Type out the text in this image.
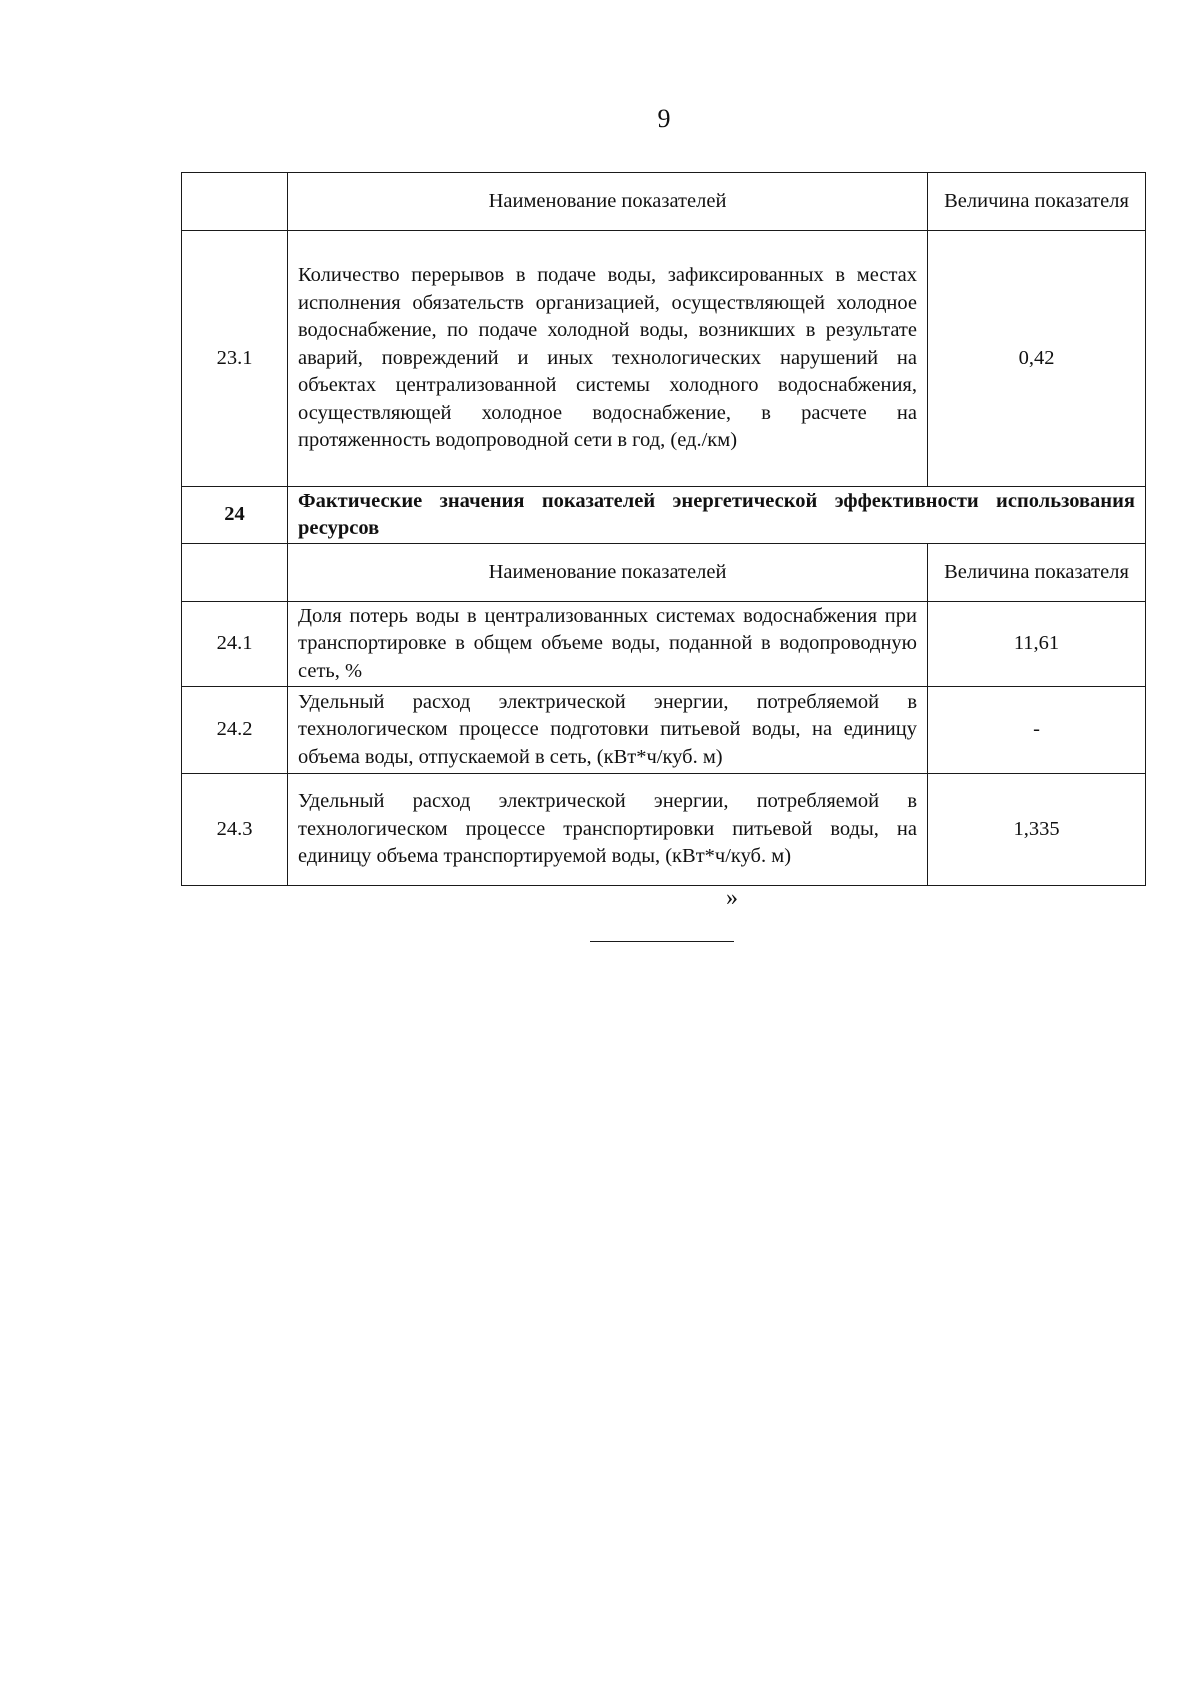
9
	Наименование показателей	Величина показателя
23.1	Количество перерывов в подаче воды, зафиксированных в местах исполнения обязательств организацией, осуществляющей холодное водоснабжение, по подаче холодной воды, возникших в результате аварий, повреждений и иных технологических нарушений на объектах централизованной системы холодного водоснабжения, осуществляющей холодное водоснабжение, в расчете на протяженность водопроводной сети в год, (ед./км)	0,42
24	Фактические значения показателей энергетической эффективности использования ресурсов	
	Наименование показателей	Величина показателя
24.1	Доля потерь воды в централизованных системах водоснабжения при транспортировке в общем объеме воды, поданной в водопроводную сеть, %	11,61
24.2	Удельный расход электрической энергии, потребляемой в технологическом процессе подготовки питьевой воды, на единицу объема воды, отпускаемой в сеть, (кВт*ч/куб. м)	-
24.3	Удельный расход электрической энергии, потребляемой в технологическом процессе транспортировки питьевой воды, на единицу объема транспортируемой воды, (кВт*ч/куб. м)	1,335
»
